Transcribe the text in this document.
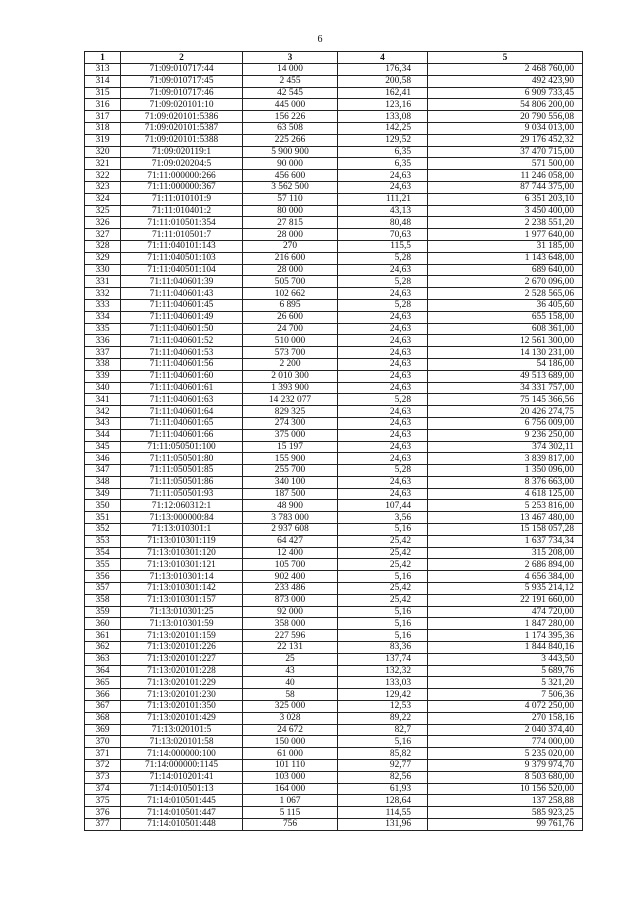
6
1	2	3	4	5
313	71:09:010717:44	14 000	176,34	2 468 760,00
314	71:09:010717:45	2 455	200,58	492 423,90
315	71:09:010717:46	42 545	162,41	6 909 733,45
316	71:09:020101:10	445 000	123,16	54 806 200,00
317	71:09:020101:5386	156 226	133,08	20 790 556,08
318	71:09:020101:5387	63 508	142,25	9 034 013,00
319	71:09:020101:5388	225 266	129,52	29 176 452,32
320	71:09:020119:1	5 900 900	6,35	37 470 715,00
321	71:09:020204:5	90 000	6,35	571 500,00
322	71:11:000000:266	456 600	24,63	11 246 058,00
323	71:11:000000:367	3 562 500	24,63	87 744 375,00
324	71:11:010101:9	57 110	111,21	6 351 203,10
325	71:11:010401:2	80 000	43,13	3 450 400,00
326	71:11:010501:354	27 815	80,48	2 238 551,20
327	71:11:010501:7	28 000	70,63	1 977 640,00
328	71:11:040101:143	270	115,5	31 185,00
329	71:11:040501:103	216 600	5,28	1 143 648,00
330	71:11:040501:104	28 000	24,63	689 640,00
331	71:11:040601:39	505 700	5,28	2 670 096,00
332	71:11:040601:43	102 662	24,63	2 528 565,06
333	71:11:040601:45	6 895	5,28	36 405,60
334	71:11:040601:49	26 600	24,63	655 158,00
335	71:11:040601:50	24 700	24,63	608 361,00
336	71:11:040601:52	510 000	24,63	12 561 300,00
337	71:11:040601:53	573 700	24,63	14 130 231,00
338	71:11:040601:56	2 200	24,63	54 186,00
339	71:11:040601:60	2 010 300	24,63	49 513 689,00
340	71:11:040601:61	1 393 900	24,63	34 331 757,00
341	71:11:040601:63	14 232 077	5,28	75 145 366,56
342	71:11:040601:64	829 325	24,63	20 426 274,75
343	71:11:040601:65	274 300	24,63	6 756 009,00
344	71:11:040601:66	375 000	24,63	9 236 250,00
345	71:11:050501:100	15 197	24,63	374 302,11
346	71:11:050501:80	155 900	24,63	3 839 817,00
347	71:11:050501:85	255 700	5,28	1 350 096,00
348	71:11:050501:86	340 100	24,63	8 376 663,00
349	71:11:050501:93	187 500	24,63	4 618 125,00
350	71:12:060312:1	48 900	107,44	5 253 816,00
351	71:13:000000:84	3 783 000	3,56	13 467 480,00
352	71:13:010301:1	2 937 608	5,16	15 158 057,28
353	71:13:010301:119	64 427	25,42	1 637 734,34
354	71:13:010301:120	12 400	25,42	315 208,00
355	71:13:010301:121	105 700	25,42	2 686 894,00
356	71:13:010301:14	902 400	5,16	4 656 384,00
357	71:13:010301:142	233 486	25,42	5 935 214,12
358	71:13:010301:157	873 000	25,42	22 191 660,00
359	71:13:010301:25	92 000	5,16	474 720,00
360	71:13:010301:59	358 000	5,16	1 847 280,00
361	71:13:020101:159	227 596	5,16	1 174 395,36
362	71:13:020101:226	22 131	83,36	1 844 840,16
363	71:13:020101:227	25	137,74	3 443,50
364	71:13:020101:228	43	132,32	5 689,76
365	71:13:020101:229	40	133,03	5 321,20
366	71:13:020101:230	58	129,42	7 506,36
367	71:13:020101:350	325 000	12,53	4 072 250,00
368	71:13:020101:429	3 028	89,22	270 158,16
369	71:13:020101:5	24 672	82,7	2 040 374,40
370	71:13:020101:58	150 000	5,16	774 000,00
371	71:14:000000:100	61 000	85,82	5 235 020,00
372	71:14:000000:1145	101 110	92,77	9 379 974,70
373	71:14:010201:41	103 000	82,56	8 503 680,00
374	71:14:010501:13	164 000	61,93	10 156 520,00
375	71:14:010501:445	1 067	128,64	137 258,88
376	71:14:010501:447	5 115	114,55	585 923,25
377	71:14:010501:448	756	131,96	99 761,76
